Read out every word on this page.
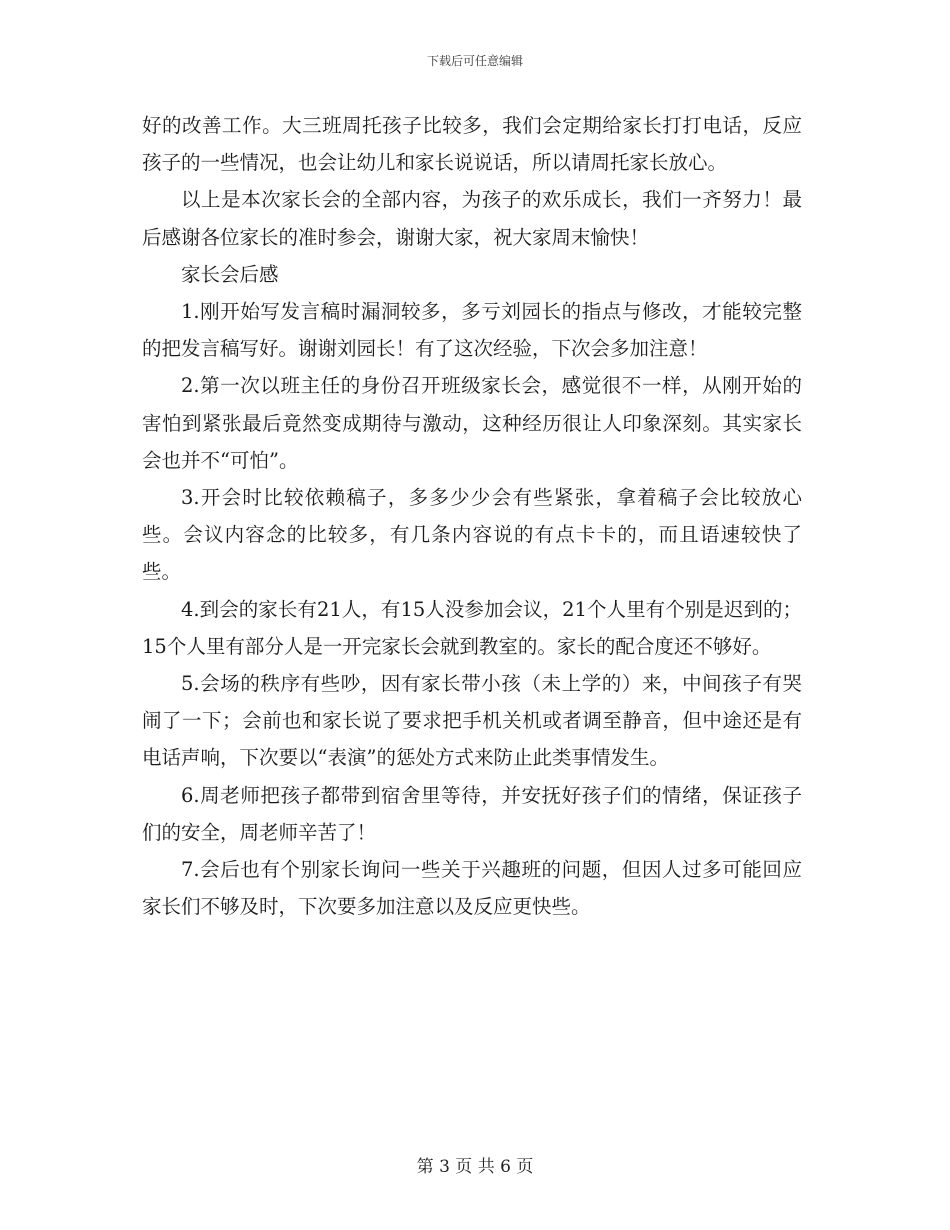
下载后可任意编辑

好的改善工作。大三班周托孩子比较多，我们会定期给家长打打电话，反应孩子的一些情况，也会让幼儿和家长说说话，所以请周托家长放心。

以上是本次家长会的全部内容，为孩子的欢乐成长，我们一齐努力！最后感谢各位家长的准时参会，谢谢大家，祝大家周末愉快！

家长会后感

1.刚开始写发言稿时漏洞较多，多亏刘园长的指点与修改，才能较完整的把发言稿写好。谢谢刘园长！有了这次经验，下次会多加注意！

2.第一次以班主任的身份召开班级家长会，感觉很不一样，从刚开始的害怕到紧张最后竟然变成期待与激动，这种经历很让人印象深刻。其实家长会也并不“可怕”。

3.开会时比较依赖稿子，多多少少会有些紧张，拿着稿子会比较放心些。会议内容念的比较多，有几条内容说的有点卡卡的，而且语速较快了些。

4.到会的家长有21人，有15人没参加会议，21个人里有个别是迟到的；15个人里有部分人是一开完家长会就到教室的。家长的配合度还不够好。

5.会场的秩序有些吵，因有家长带小孩（未上学的）来，中间孩子有哭闹了一下；会前也和家长说了要求把手机关机或者调至静音，但中途还是有电话声响，下次要以“表演”的惩处方式来防止此类事情发生。

6.周老师把孩子都带到宿舍里等待，并安抚好孩子们的情绪，保证孩子们的安全，周老师辛苦了！

7.会后也有个别家长询问一些关于兴趣班的问题，但因人过多可能回应家长们不够及时，下次要多加注意以及反应更快些。

第 3 页 共 6 页
